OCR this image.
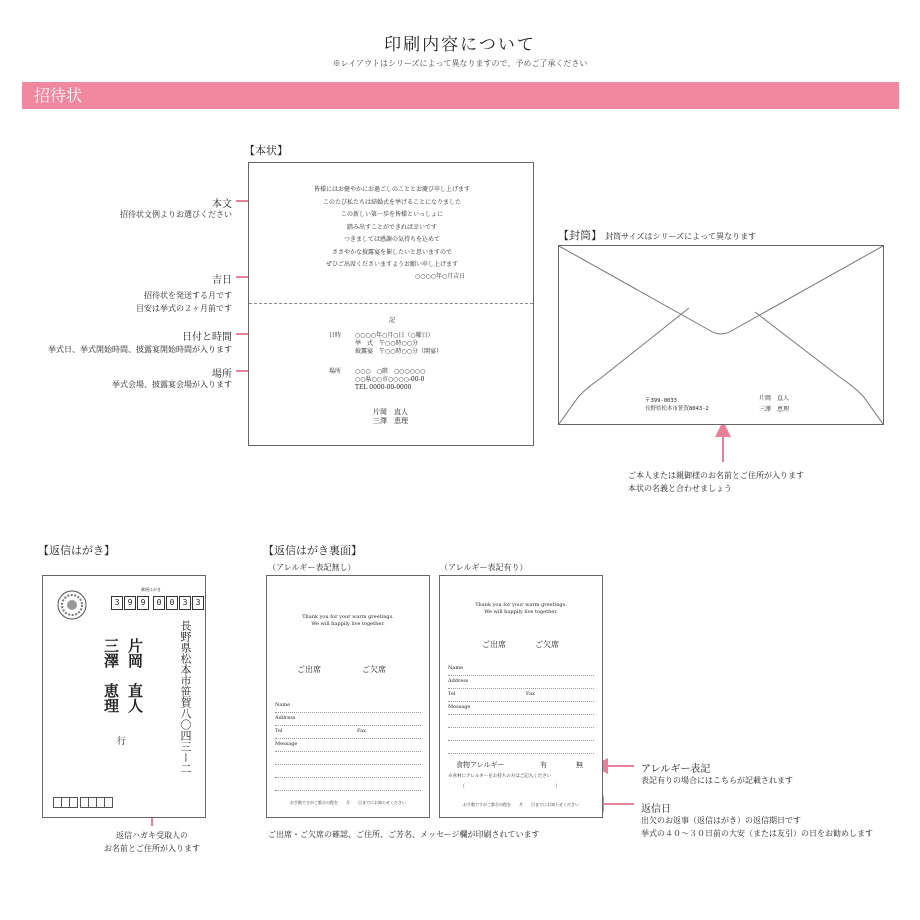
印刷内容について
※レイアウトはシリーズによって異なりますので、予めご了承ください
招待状
【本状】
皆様にはお健やかにお過ごしのこととお慶び申し上げます
このたび私たちは結婚式を挙げることになりました
この新しい第一歩を皆様といっしょに
踏み出すことができれば幸いです
つきましては感謝の気持ちを込めて
ささやかな披露宴を催したいと思いますので
ぜひご出席くださいますようお願い申し上げます
○○○○年○月吉日
記
日時 ○○○○年○月○日（○曜日）
挙　式　午○○時○○分
披露宴　午○○時○○分（開宴）
場所 ○○○　○階　○○○○○○
○○県○○市○○○○-00-0
TEL 0000-00-0000
片岡　直人
三澤　恵理
本文
招待状文例よりお選びください
吉日
招待状を発送する月です
目安は挙式の２ヶ月前です
日付と時間
挙式日、挙式開始時間、披露宴開始時間が入ります
場所
挙式会場、披露宴会場が入ります
【封筒】 封筒サイズはシリーズによって異なります
〒399-0033
長野県松本市笹賀8043-2
片岡　直人
三澤　恵理
ご本人または親御様のお名前とご住所が入ります
本状の名義と合わせましょう
【返信はがき】
郵便はがき
3	9	9	0	0	3	3
長野県松本市笹賀八〇四三ー二
片岡　直人
三澤　恵理
行
返信ハガキ受取人の
お名前とご住所が入ります
【返信はがき裏面】
（アレルギー表記無し）	（アレルギー表記有り）
Thank you for your warm greetings.
We will happily live together.
ご出席	ご欠席
Name
Address
Tel	Fax
Message
お手数ですがご都合の程を　　月　　日までにお知らせください
Thank you for your warm greetings.
We will happily live together.
ご出席	ご欠席
Name
Address
Tel	Fax
Message
食物アレルギー	有	無
※食材にアレルギーをお持ちの方はご記入ください
（　　　　　　　　　　　　　　　　　　）
お手数ですがご都合の程を　　月　　日までにお知らせください
ご出席・ご欠席の確認、ご住所、ご芳名、メッセージ欄が印刷されています
アレルギー表記
表記有りの場合にはこちらが記載されます
返信日
出欠のお返事（返信はがき）の返信期日です
挙式の４０～３０日前の大安（または友引）の日をお勧めします
